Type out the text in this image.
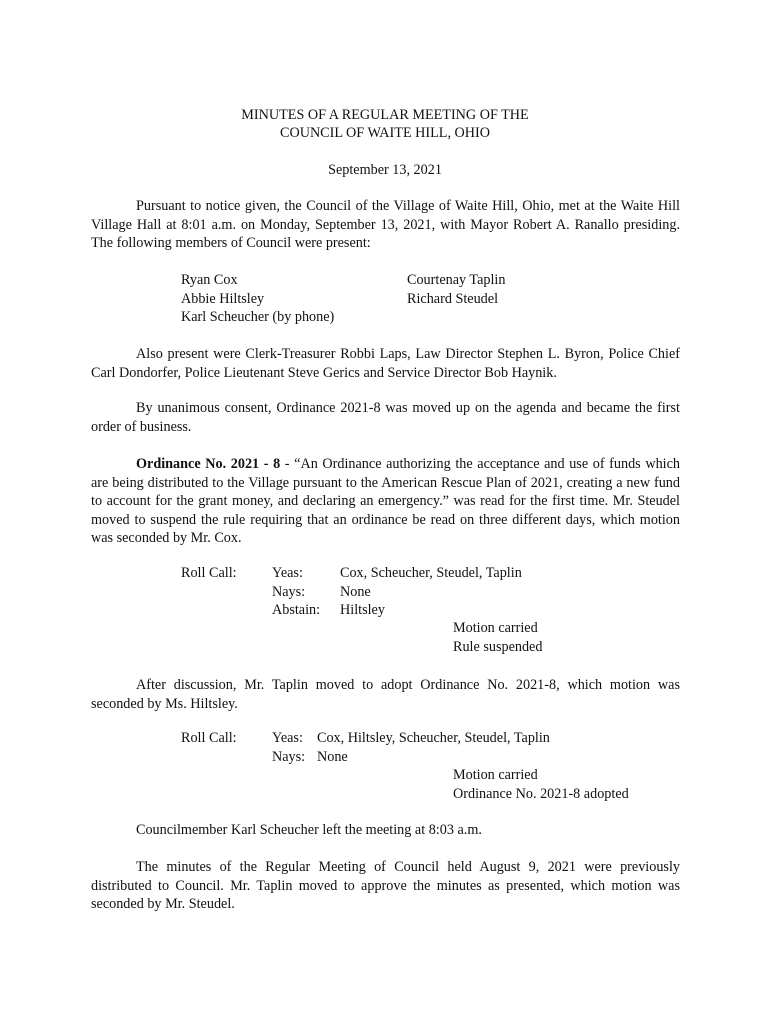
MINUTES OF A REGULAR MEETING OF THE
COUNCIL OF WAITE HILL, OHIO
September 13, 2021

Pursuant to notice given, the Council of the Village of Waite Hill, Ohio, met at the Waite Hill Village Hall at 8:01 a.m. on Monday, September 13, 2021, with Mayor Robert A. Ranallo presiding. The following members of Council were present:

Ryan Cox
Abbie Hiltsley
Karl Scheucher (by phone)
Courtenay Taplin
Richard Steudel

Also present were Clerk-Treasurer Robbi Laps, Law Director Stephen L. Byron, Police Chief Carl Dondorfer, Police Lieutenant Steve Gerics and Service Director Bob Haynik.

By unanimous consent, Ordinance 2021-8 was moved up on the agenda and became the first order of business.

Ordinance No. 2021 - 8 - “An Ordinance authorizing the acceptance and use of funds which are being distributed to the Village pursuant to the American Rescue Plan of 2021, creating a new fund to account for the grant money, and declaring an emergency.” was read for the first time. Mr. Steudel moved to suspend the rule requiring that an ordinance be read on three different days, which motion was seconded by Mr. Cox.

Roll Call: Yeas:
Nays:
Abstain:
Cox, Scheucher, Steudel, Taplin
None
Hiltsley
Motion carried
Rule suspended

After discussion, Mr. Taplin moved to adopt Ordinance No. 2021-8, which motion was seconded by Ms. Hiltsley.

Roll Call: Yeas:
Nays:
Cox, Hiltsley, Scheucher, Steudel, Taplin
None
Motion carried
Ordinance No. 2021-8 adopted

Councilmember Karl Scheucher left the meeting at 8:03 a.m.

The minutes of the Regular Meeting of Council held August 9, 2021 were previously distributed to Council. Mr. Taplin moved to approve the minutes as presented, which motion was seconded by Mr. Steudel.
